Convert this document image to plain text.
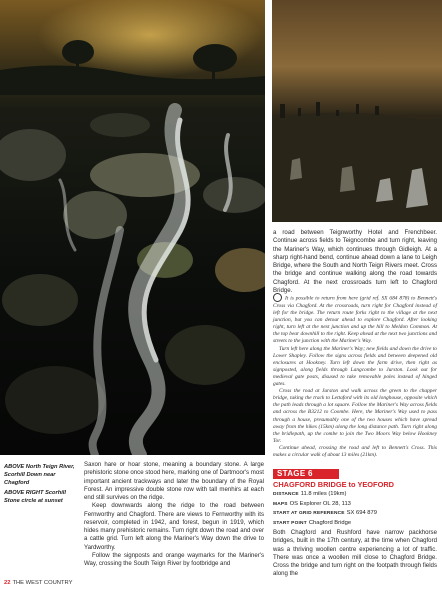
ABOVE North Teign River, Scorhill Down near Chagford

ABOVE RIGHT Scorhill Stone circle at sunset

Saxon hare or hoar stone, meaning a boundary stone. A large prehistoric stone once stood here, marking one of Dartmoor's most important ancient trackways and later the boundary of the Royal Forest. An impressive double stone row with tall menhirs at each end still survives on the ridge.

Keep downwards along the ridge to the road between Fernworthy and Chagford. There are views to Fernworthy with its reservoir, completed in 1942, and forest, begun in 1919, which hides many prehistoric remains. Turn right down the road and over a cattle grid. Turn left along the Mariner's Way down the drive to Yardworthy.

Follow the signposts and orange waymarks for the Mariner's Way, crossing the South Teign River by footbridge and

a road between Teignworthy Hotel and Frenchbeer. Continue across fields to Teigncombe and turn right, leaving the Mariner's Way, which continues through Gidleigh. At a sharp right-hand bend, continue ahead down a lane to Leigh Bridge, where the South and North Teign Rivers meet. Cross the bridge and continue walking along the road towards Chagford. At the next crossroads turn left to Chagford Bridge.

It is possible to return from here (grid ref. SX 684 878) to Bennett's Cross via Chagford. At the crossroads, turn right for Chagford instead of left for the bridge. The return route forks right to the village at the next junction, but you can detour ahead to explore Chagford. After looking right, turn left at the next junction and up the hill to Meldon Common. At the top bear downhill to the right. Keep ahead at the next two junctions and streets to the junction with the Mariner's Way.

Turn left here along the Mariner's Way; new fields and down the drive to Lower Shapley. Follow the signs across fields and between deepened old enclosures at Hookney. Turn left down the farm drive, then right as signposted, along fields through Langcombe to Jurston. Look out for medieval gate posts, disused to take removable poles instead of hinged gates.

Cross the road at Jurston and walk across the green to the chapper bridge, taking the track to Lettaford with its old longhouse, opposite which the path leads through a lot square. Follow the Mariner's Way across fields and across the B3212 to Coombe. Here, the Mariner's Way used to pass through a house, presumably one of the two houses which have spread away from the hikes (15km) along the long distance path. Turn right along the bridlepath, up the combe to join the Two Moors Way below Hookney Tor.

Continue ahead, crossing the road and left to Bennett's Cross. This makes a circular walk of about 13 miles (21km).

STAGE 6
CHAGFORD BRIDGE to YEOFORD
DISTANCE 11.8 miles (19km)
MAPS OS Explorer OL 28, 113
START AT GRID REFERENCE SX 694 879
START POINT Chagford Bridge

Both Chagford and Rushford have narrow packhorse bridges, built in the 17th century, at the time when Chagford was a thriving woollen centre experiencing a lot of traffic. There was once a woollen mill close to Chagford Bridge. Cross the bridge and turn right on the footpath through fields along the

22 THE WEST COUNTRY
